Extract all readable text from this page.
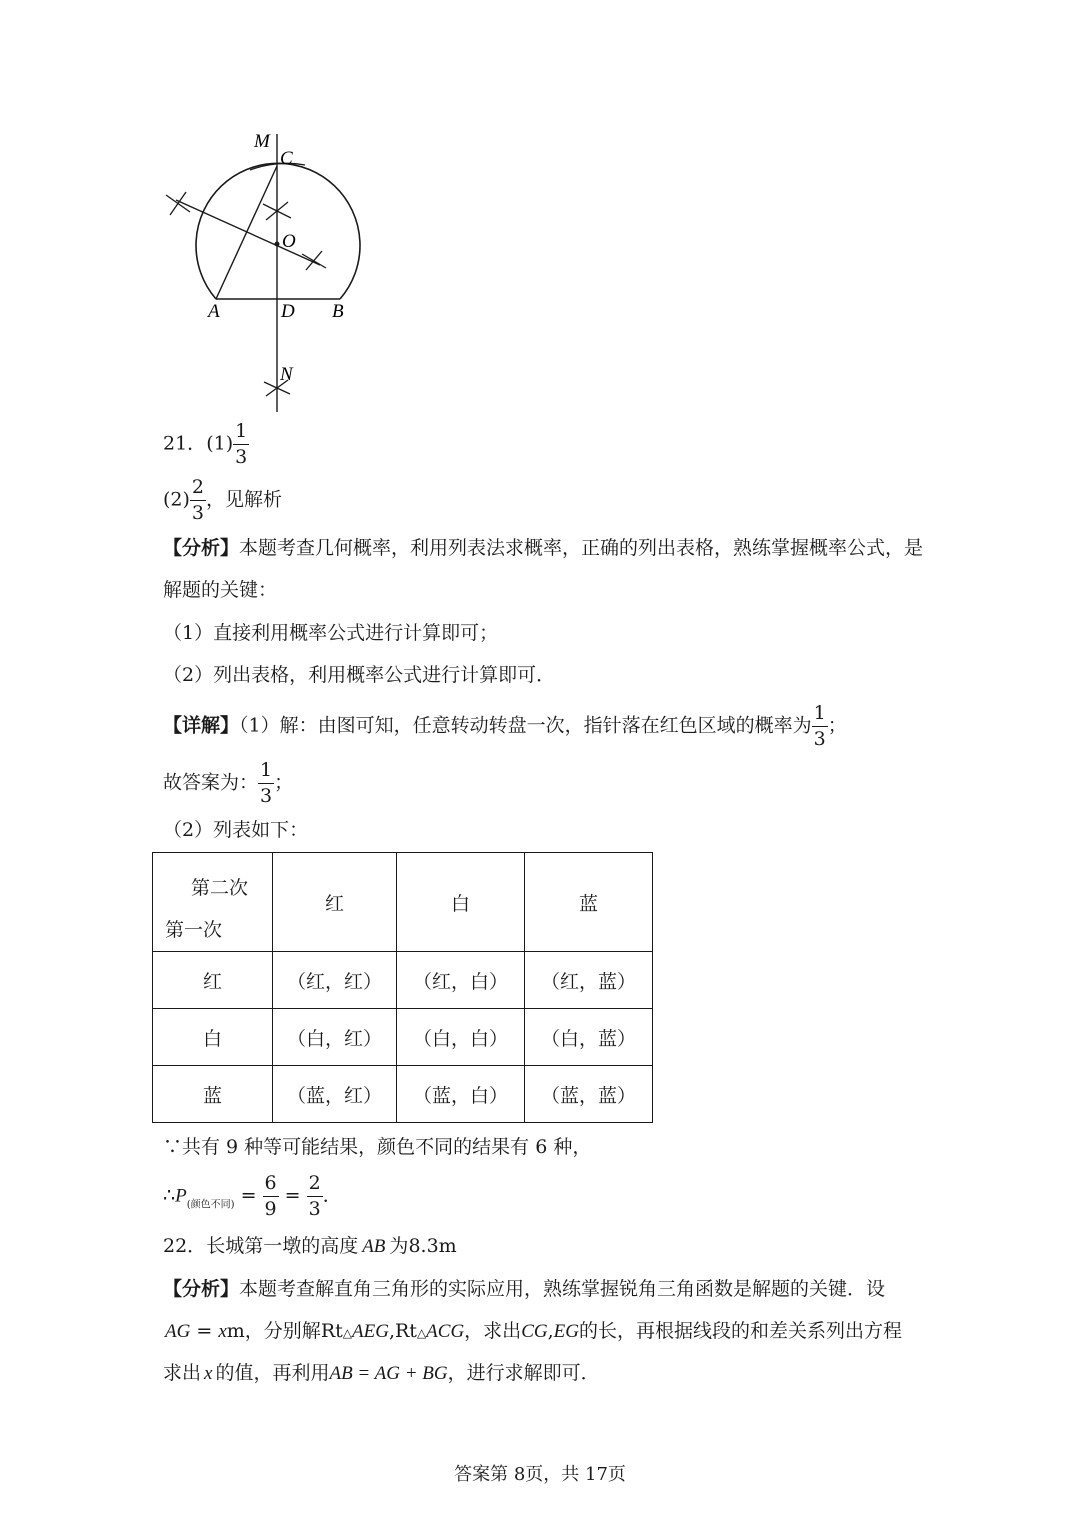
M
C
O
A	D B
N
21．$(1) \frac{1}{3}$
$(2) \frac{2}{3}$ ，见解析
【分析】本题考查几何概率，利用列表法求概率，正确的列出表格，熟练掌握概率公式，是
解题的关键：
（1）直接利用概率公式进行计算即可；
（2）列出表格，利用概率公式进行计算即可．
【详解】（1）解：由图可知，任意转动转盘一次，指针落在红色区域的概率为 $\frac{1}{3}$ ；
故答案为： $\frac{1}{3}$ ；
（2）列表如下：
第二次
第一次	红	白	蓝
红	（红，红）	（红，白）	（红，蓝）
白	（白，红）	（白，白）	（白，蓝）
蓝	（蓝，红）	（蓝，白）	（蓝，蓝）
∵共有 9 种等可能结果，颜色不同的结果有 6 种，
$\therefore P_{(颜色不同)} = \frac{6}{9} = \frac{2}{3}$ ．
22．长城第一墩的高度 AB 为8.3m
【分析】本题考查解直角三角形的实际应用，熟练掌握锐角三角函数是解题的关键．设
AG = xm，分别解Rt△AEG,Rt△ACG，求出CG,EG的长，再根据线段的和差关系列出方程
求出 x 的值，再利用AB = AG + BG，进行求解即可．
答案第 8页，共 17页
